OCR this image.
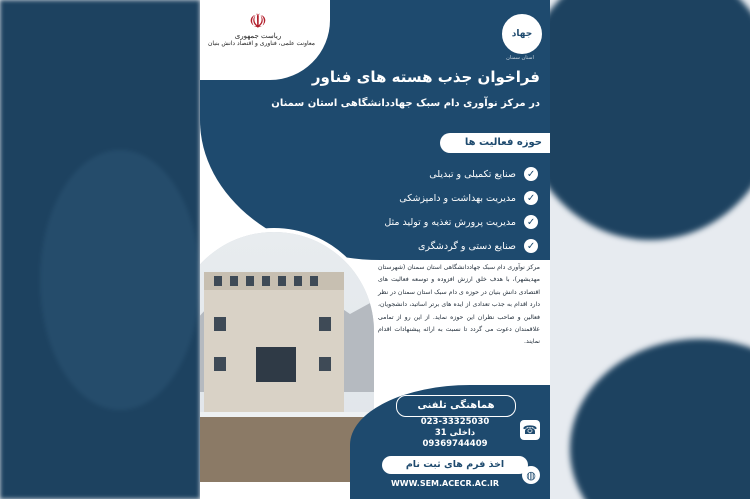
☫
ریاست جمهوری
معاونت علمی، فناوری و اقتصاد دانش بنیان
جهاد
استان سمنان
فراخوان جذب هسته های فناور
در مرکز نوآوری دام سبک جهاددانشگاهی استان سمنان
حوزه فعالیت ها
✓
صنایع تکمیلی و تبدیلی
✓
مدیریت بهداشت و دامپزشکی
✓
مدیریت پرورش تغذیه و تولید مثل
✓
صنایع دستی و گردشگری
مرکز نوآوری دام سبک جهاددانشگاهی استان سمنان (شهرستان مهدیشهر)، با هدف خلق ارزش افزوده و توسعه فعالیت های اقتصادی دانش بنیان در حوزه ی دام سبک استان سمنان در نظر دارد اقدام به جذب تعدادی از ایده های برتر اساتید، دانشجویان، فعالین و صاحب نظران این حوزه نماید. از این رو از تمامی علاقمندان دعوت می گردد تا نسبت به ارائه پیشنهادات اقدام نمایند.
هماهنگی تلفنی
023-33325030
داخلی 31
09369744409
☎
اخذ فرم های ثبت نام
WWW.SEM.ACECR.AC.IR
◍
